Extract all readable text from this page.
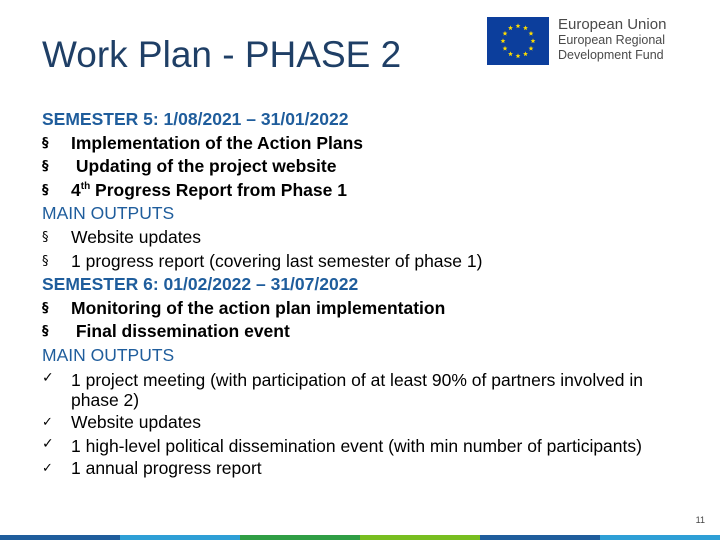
Work Plan - PHASE 2
European Union
European Regional
Development Fund
SEMESTER 5: 1/08/2021 – 31/01/2022
§	Implementation of the Action Plans
§	Updating of the project website
§	4th Progress Report from Phase 1
MAIN OUTPUTS
§	Website updates
§	1 progress report (covering last semester of phase 1)
SEMESTER 6: 01/02/2022 – 31/07/2022
§	Monitoring of the action plan implementation
§	Final dissemination event
MAIN OUTPUTS
✓ 1 project meeting (with participation of at least 90% of partners involved in phase 2)
✓	Website updates
✓ 1 high-level political dissemination event (with min number of participants)
✓	1 annual progress report
11
